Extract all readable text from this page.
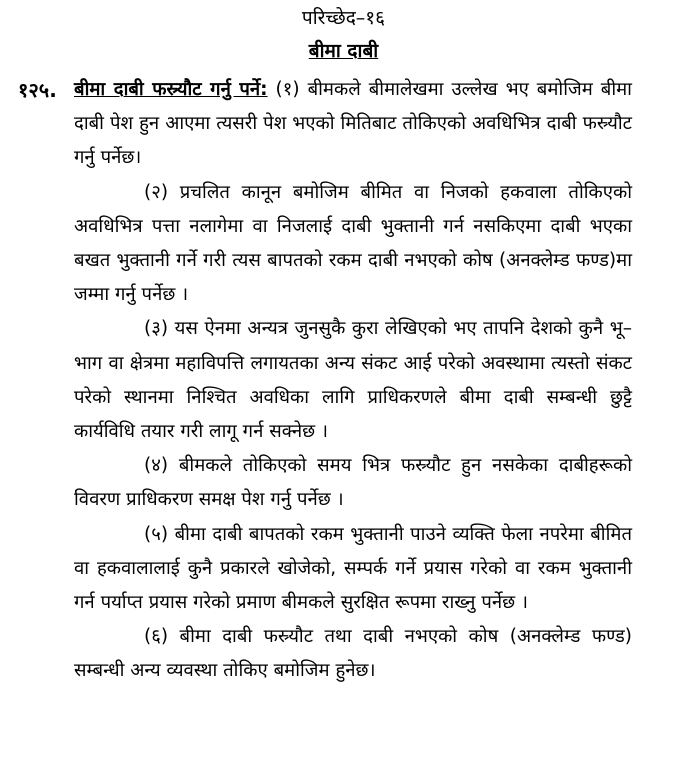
परिच्छेद–१६
बीमा दाबी
१२५. बीमा दाबी फस्र्यौट गर्नु पर्ने: (१) बीमकले बीमालेखमा उल्लेख भए बमोजिम बीमा दाबी पेश हुन आएमा त्यसरी पेश भएको मितिबाट तोकिएको अवधिभित्र दाबी फस्र्यौट गर्नु पर्नेछ।

(२) प्रचलित कानून बमोजिम बीमित वा निजको हकवाला तोकिएको अवधिभित्र पत्ता नलागेमा वा निजलाई दाबी भुक्तानी गर्न नसकिएमा दाबी भएका बखत भुक्तानी गर्ने गरी त्यस बापतको रकम दाबी नभएको कोष (अनक्लेम्ड फण्ड)मा जम्मा गर्नु पर्नेछ ।

(३) यस ऐनमा अन्यत्र जुनसुकै कुरा लेखिएको भए तापनि देशको कुनै भू–भाग वा क्षेत्रमा महाविपत्ति लगायतका अन्य संकट आई परेको अवस्थामा त्यस्तो संकट परेको स्थानमा निश्चित अवधिका लागि प्राधिकरणले बीमा दाबी सम्बन्धी छुट्टै कार्यविधि तयार गरी लागू गर्न सक्नेछ ।

(४) बीमकले तोकिएको समय भित्र फस्र्यौट हुन नसकेका दाबीहरूको विवरण प्राधिकरण समक्ष पेश गर्नु पर्नेछ ।

(५) बीमा दाबी बापतको रकम भुक्तानी पाउने व्यक्ति फेला नपरेमा बीमित वा हकवालालाई कुनै प्रकारले खोजेको, सम्पर्क गर्ने प्रयास गरेको वा रकम भुक्तानी गर्न पर्याप्त प्रयास गरेको प्रमाण बीमकले सुरक्षित रूपमा राख्नु पर्नेछ ।

(६) बीमा दाबी फस्र्यौट तथा दाबी नभएको कोष (अनक्लेम्ड फण्ड) सम्बन्धी अन्य व्यवस्था तोकिए बमोजिम हुनेछ।
